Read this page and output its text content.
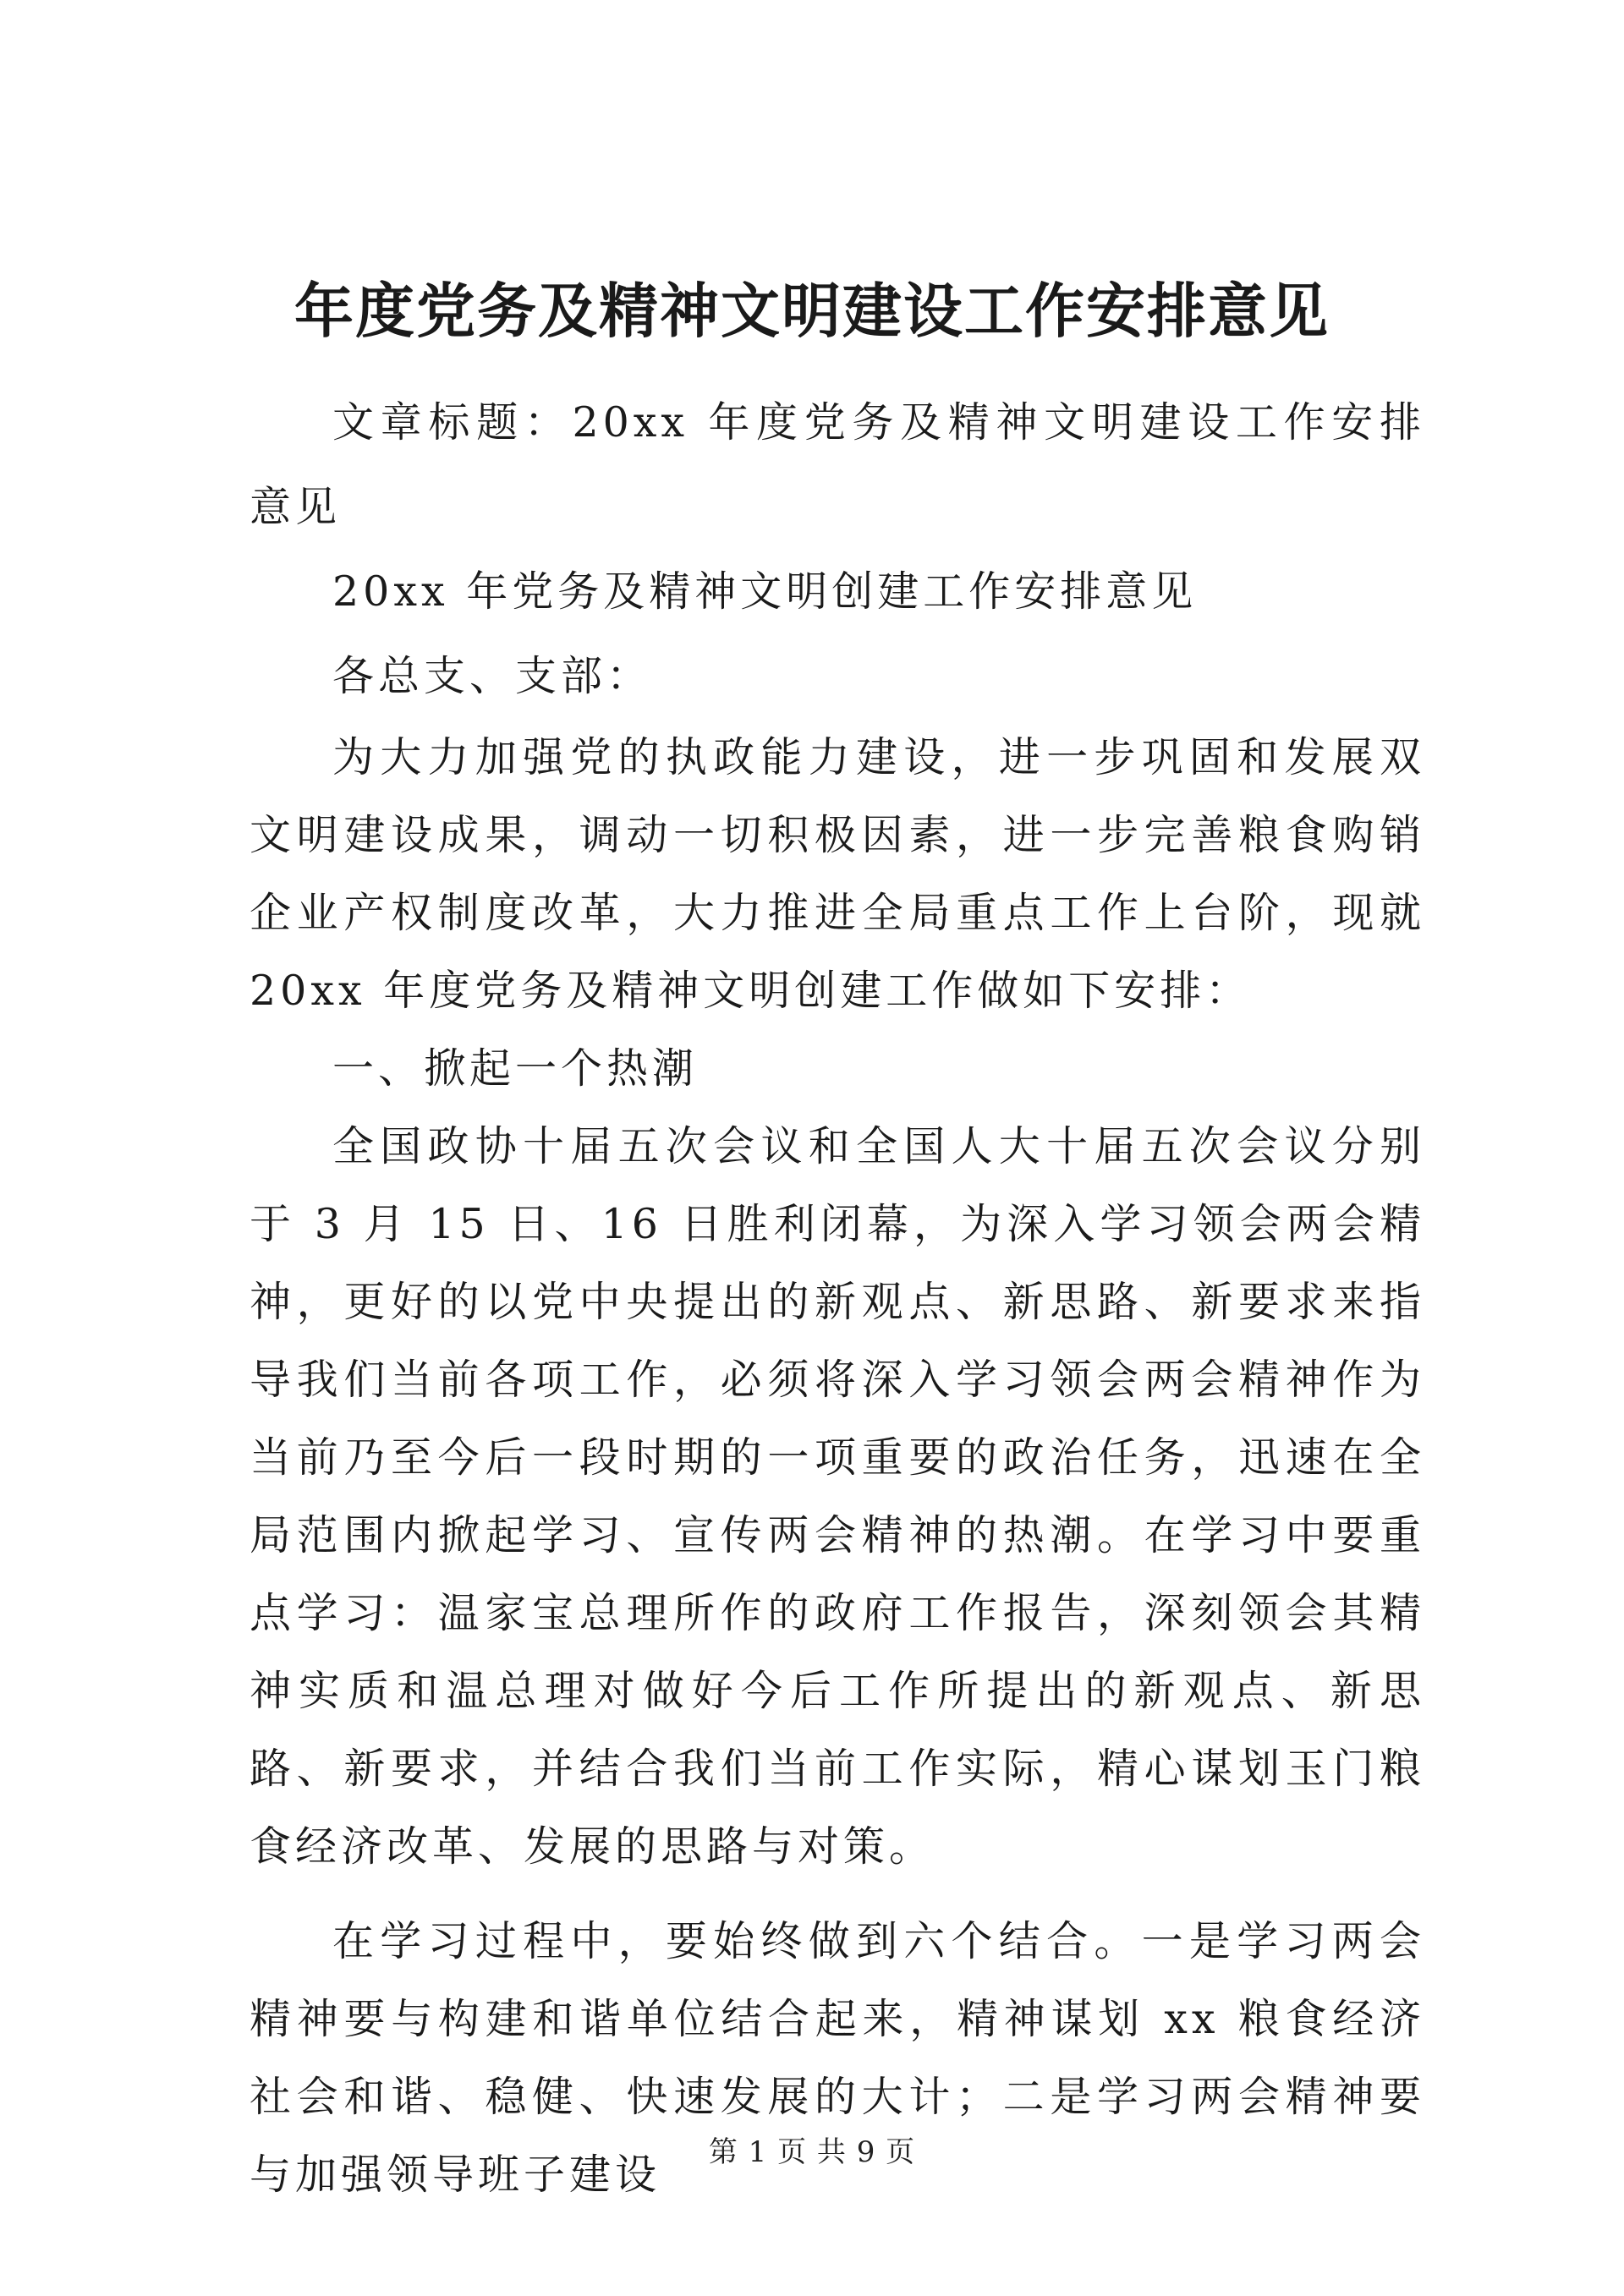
年度党务及精神文明建设工作安排意见

文章标题：20xx 年度党务及精神文明建设工作安排意见

20xx 年党务及精神文明创建工作安排意见

各总支、支部：

为大力加强党的执政能力建设，进一步巩固和发展双文明建设成果，调动一切积极因素，进一步完善粮食购销企业产权制度改革，大力推进全局重点工作上台阶，现就 20xx 年度党务及精神文明创建工作做如下安排：

一、掀起一个热潮

全国政协十届五次会议和全国人大十届五次会议分别于 3 月 15 日、16 日胜利闭幕，为深入学习领会两会精神，更好的以党中央提出的新观点、新思路、新要求来指导我们当前各项工作，必须将深入学习领会两会精神作为当前乃至今后一段时期的一项重要的政治任务，迅速在全局范围内掀起学习、宣传两会精神的热潮。在学习中要重点学习：温家宝总理所作的政府工作报告，深刻领会其精神实质和温总理对做好今后工作所提出的新观点、新思路、新要求，并结合我们当前工作实际，精心谋划玉门粮食经济改革、发展的思路与对策。

在学习过程中，要始终做到六个结合。一是学习两会精神要与构建和谐单位结合起来，精神谋划 xx 粮食经济社会和谐、稳健、快速发展的大计；二是学习两会精神要与加强领导班子建设	第 1 页 共 9 页
